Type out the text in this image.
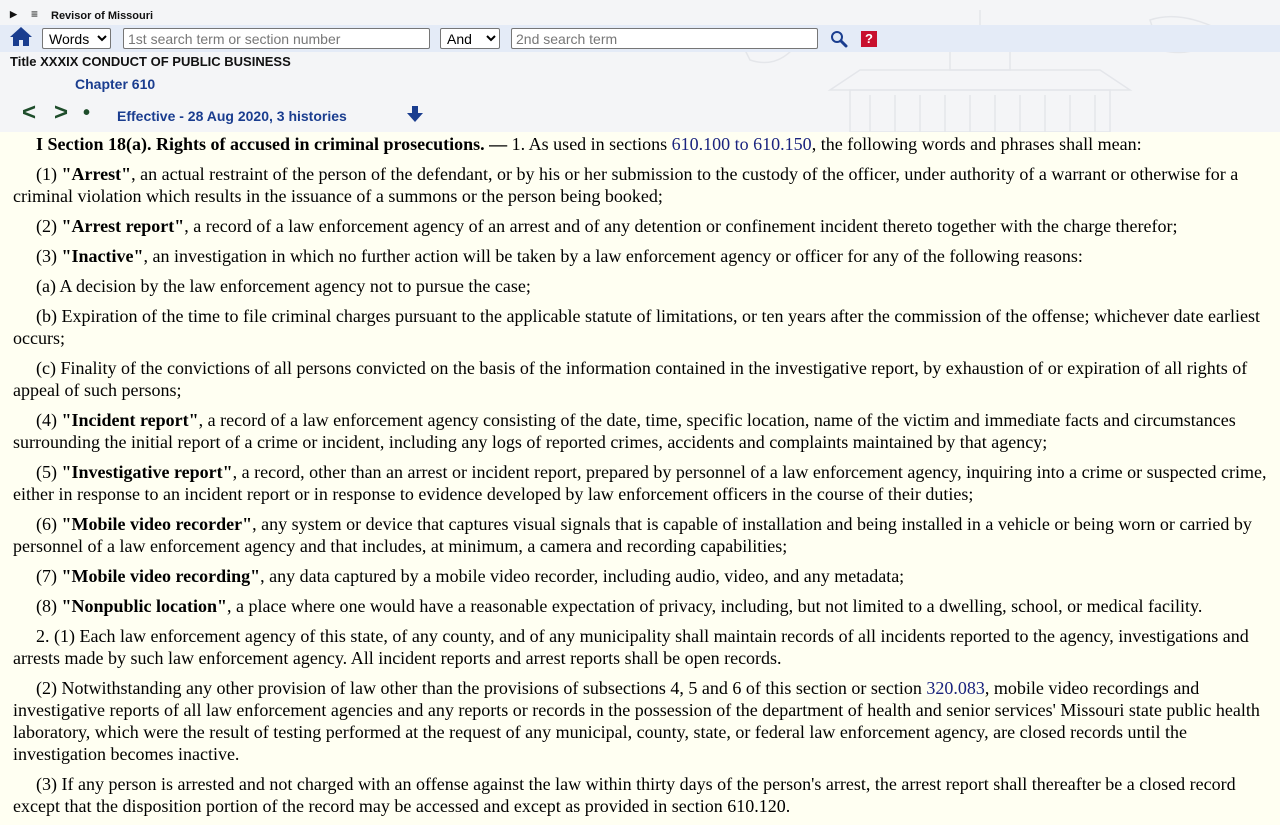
▶ ≡ Revisor of Missouri
Words
1st search term or section number
And
2nd search term
?
Title XXXIX CONDUCT OF PUBLIC BUSINESS
Chapter 610
< > • Effective - 28 Aug 2020, 3 histories

I Section 18(a). Rights of accused in criminal prosecutions. — 1. As used in sections 610.100 to 610.150, the following words and phrases shall mean:

(1) "Arrest", an actual restraint of the person of the defendant, or by his or her submission to the custody of the officer, under authority of a warrant or otherwise for a criminal violation which results in the issuance of a summons or the person being booked;

(2) "Arrest report", a record of a law enforcement agency of an arrest and of any detention or confinement incident thereto together with the charge therefor;

(3) "Inactive", an investigation in which no further action will be taken by a law enforcement agency or officer for any of the following reasons:

(a) A decision by the law enforcement agency not to pursue the case;

(b) Expiration of the time to file criminal charges pursuant to the applicable statute of limitations, or ten years after the commission of the offense; whichever date earliest occurs;

(c) Finality of the convictions of all persons convicted on the basis of the information contained in the investigative report, by exhaustion of or expiration of all rights of appeal of such persons;

(4) "Incident report", a record of a law enforcement agency consisting of the date, time, specific location, name of the victim and immediate facts and circumstances surrounding the initial report of a crime or incident, including any logs of reported crimes, accidents and complaints maintained by that agency;

(5) "Investigative report", a record, other than an arrest or incident report, prepared by personnel of a law enforcement agency, inquiring into a crime or suspected crime, either in response to an incident report or in response to evidence developed by law enforcement officers in the course of their duties;

(6) "Mobile video recorder", any system or device that captures visual signals that is capable of installation and being installed in a vehicle or being worn or carried by personnel of a law enforcement agency and that includes, at minimum, a camera and recording capabilities;

(7) "Mobile video recording", any data captured by a mobile video recorder, including audio, video, and any metadata;

(8) "Nonpublic location", a place where one would have a reasonable expectation of privacy, including, but not limited to a dwelling, school, or medical facility.

2. (1) Each law enforcement agency of this state, of any county, and of any municipality shall maintain records of all incidents reported to the agency, investigations and arrests made by such law enforcement agency. All incident reports and arrest reports shall be open records.

(2) Notwithstanding any other provision of law other than the provisions of subsections 4, 5 and 6 of this section or section 320.083, mobile video recordings and investigative reports of all law enforcement agencies and any reports or records in the possession of the department of health and senior services' Missouri state public health laboratory, which were the result of testing performed at the request of any municipal, county, state, or federal law enforcement agency, are closed records until the investigation becomes inactive.

(3) If any person is arrested and not charged with an offense against the law within thirty days of the person's arrest, the arrest report shall thereafter be a closed record except that the disposition portion of the record may be accessed and except as provided in section 610.120.
